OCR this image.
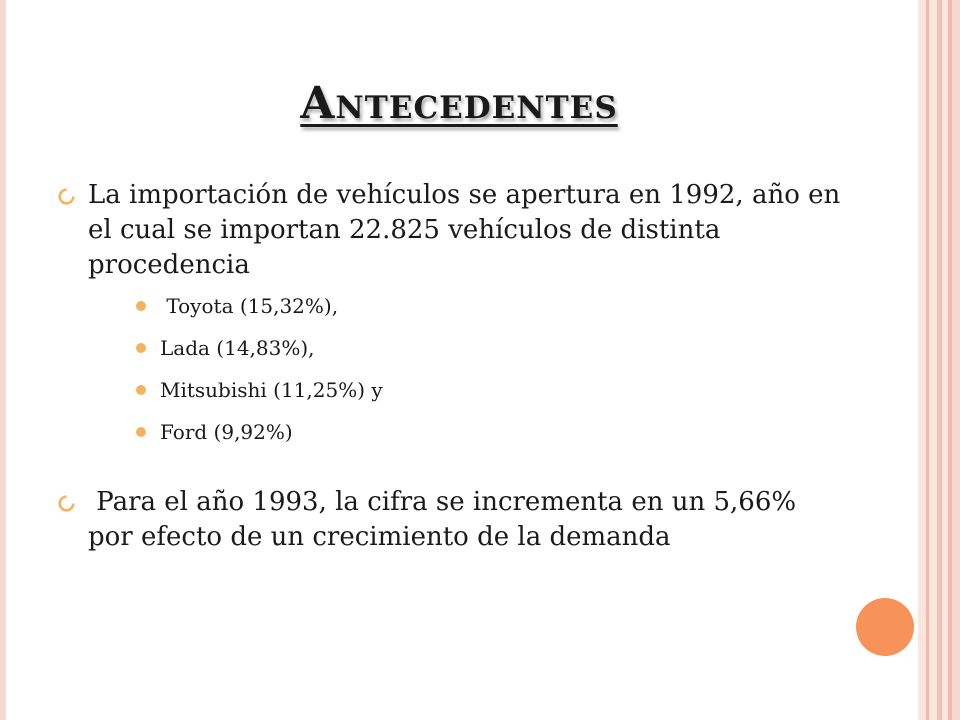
Antecedentes
La importación de vehículos se apertura en 1992, año en el cual se importan 22.825 vehículos de distinta procedencia
Toyota (15,32%),
Lada (14,83%),
Mitsubishi (11,25%) y
Ford (9,92%)
Para el año 1993, la cifra se incrementa en un 5,66% por efecto de un crecimiento de la demanda
